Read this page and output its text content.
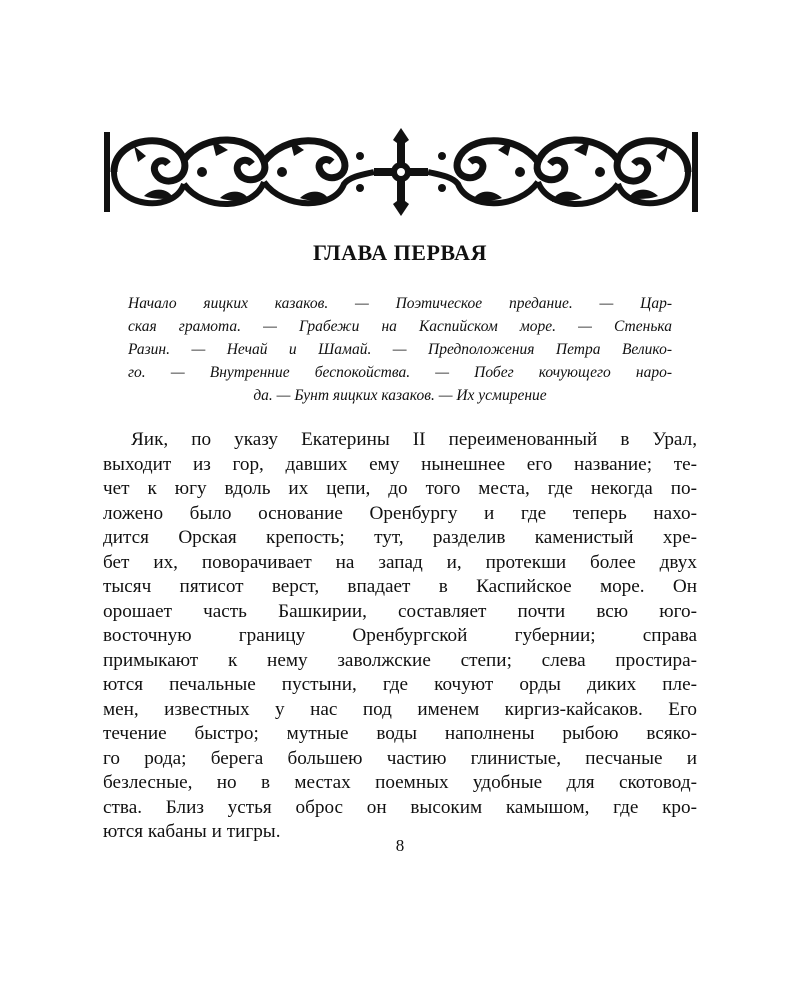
ГЛАВА ПЕРВАЯ
Начало яицких казаков. — Поэтическое предание. — Цар-
ская грамота. — Грабежи на Каспийском море. — Стенька
Разин. — Нечай и Шамай. — Предположения Петра Велико-
го. — Внутренние беспокойства. — Побег кочующего наро-
да. — Бунт яицких казаков. — Их усмирение
Яик, по указу Екатерины II переименованный в Урал,
выходит из гор, давших ему нынешнее его название; те-
чет к югу вдоль их цепи, до того места, где некогда по-
ложено было основание Оренбургу и где теперь нахо-
дится Орская крепость; тут, разделив каменистый хре-
бет их, поворачивает на запад и, протекши более двух
тысяч пятисот верст, впадает в Каспийское море. Он
орошает часть Башкирии, составляет почти всю юго-
восточную границу Оренбургской губернии; справа
примыкают к нему заволжские степи; слева простира-
ются печальные пустыни, где кочуют орды диких пле-
мен, известных у нас под именем киргиз-кайсаков. Его
течение быстро; мутные воды наполнены рыбою всяко-
го рода; берега большею частию глинистые, песчаные и
безлесные, но в местах поемных удобные для скотовод-
ства. Близ устья оброс он высоким камышом, где кро-
ются кабаны и тигры.
8
